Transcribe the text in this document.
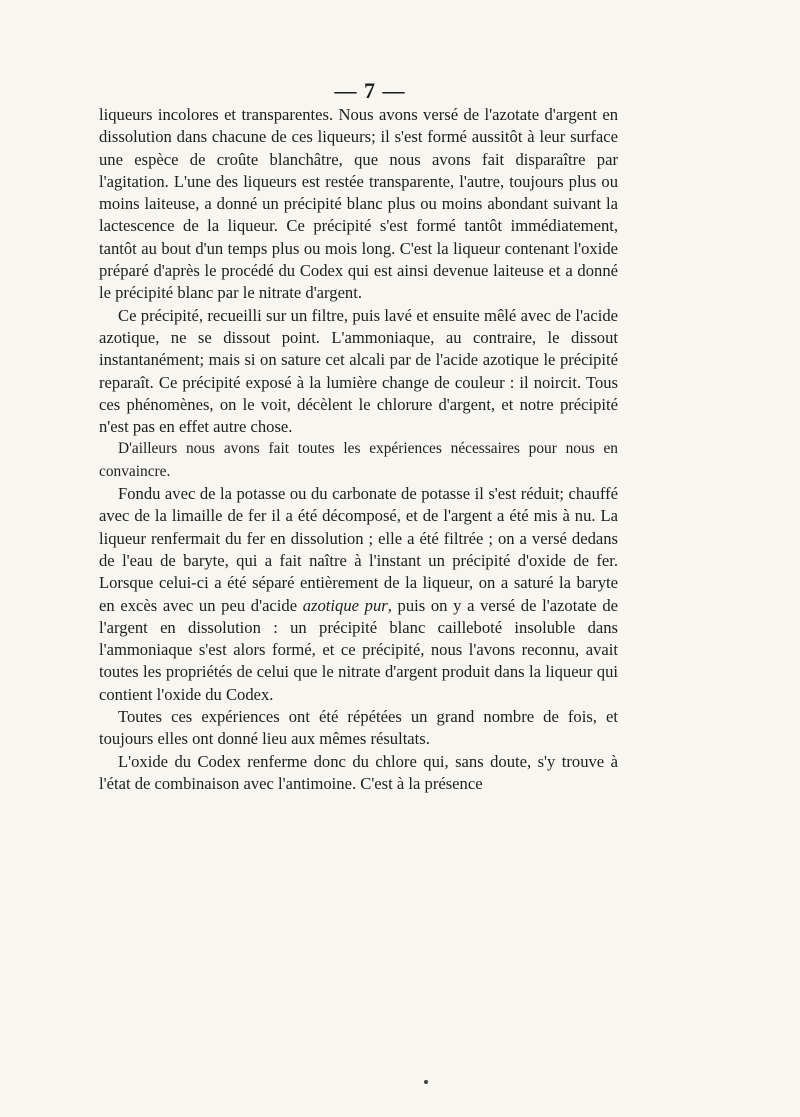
— 7 —

liqueurs incolores et transparentes. Nous avons versé de l'azotate d'argent en dissolution dans chacune de ces liqueurs; il s'est formé aussitôt à leur surface une espèce de croûte blanchâtre, que nous avons fait disparaître par l'agitation. L'une des liqueurs est restée transparente, l'autre, toujours plus ou moins laiteuse, a donné un précipité blanc plus ou moins abondant suivant la lactescence de la liqueur. Ce précipité s'est formé tantôt immédiatement, tantôt au bout d'un temps plus ou mois long. C'est la liqueur contenant l'oxide préparé d'après le procédé du Codex qui est ainsi devenue laiteuse et a donné le précipité blanc par le nitrate d'argent.

Ce précipité, recueilli sur un filtre, puis lavé et ensuite mêlé avec de l'acide azotique, ne se dissout point. L'ammoniaque, au contraire, le dissout instantanément; mais si on sature cet alcali par de l'acide azotique le précipité reparaît. Ce précipité exposé à la lumière change de couleur : il noircit. Tous ces phénomènes, on le voit, décèlent le chlorure d'argent, et notre précipité n'est pas en effet autre chose.

D'ailleurs nous avons fait toutes les expériences nécessaires pour nous en convaincre.

Fondu avec de la potasse ou du carbonate de potasse il s'est réduit; chauffé avec de la limaille de fer il a été décomposé, et de l'argent a été mis à nu. La liqueur renfermait du fer en dissolution ; elle a été filtrée ; on a versé dedans de l'eau de baryte, qui a fait naître à l'instant un précipité d'oxide de fer. Lorsque celui-ci a été séparé entièrement de la liqueur, on a saturé la baryte en excès avec un peu d'acide azotique pur, puis on y a versé de l'azotate de l'argent en dissolution : un précipité blanc caillebоté insoluble dans l'ammoniaque s'est alors formé, et ce précipité, nous l'avons reconnu, avait toutes les propriétés de celui que le nitrate d'argent produit dans la liqueur qui contient l'oxide du Codex.

Toutes ces expériences ont été répétées un grand nombre de fois, et toujours elles ont donné lieu aux mêmes résultats.

L'oxide du Codex renferme donc du chlore qui, sans doute, s'y trouve à l'état de combinaison avec l'antimoine. C'est à la présence
